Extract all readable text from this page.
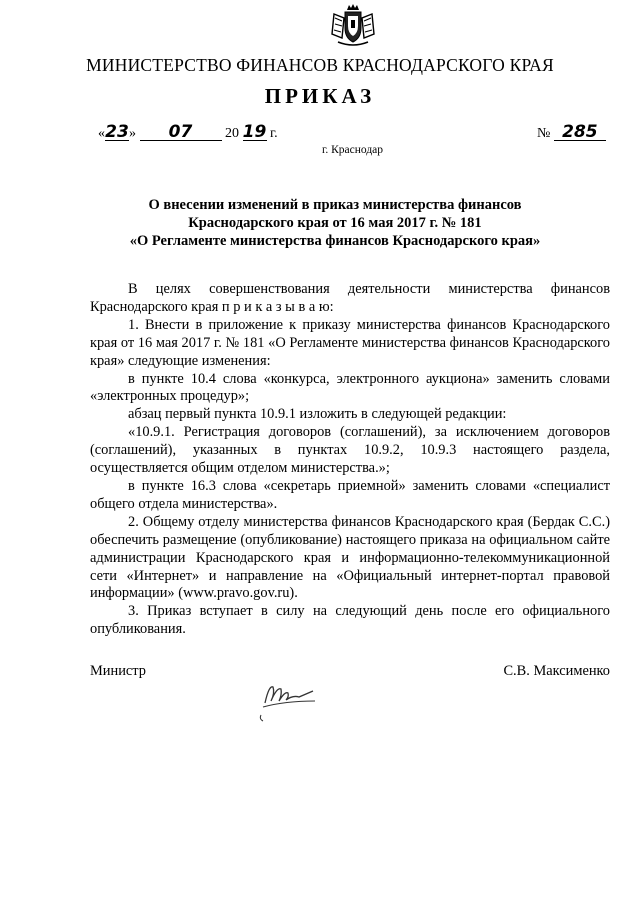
МИНИСТЕРСТВО ФИНАНСОВ КРАСНОДАРСКОГО КРАЯ
ПРИКАЗ
«23» 07 20 19 г.	№ 285
г. Краснодар
О внесении изменений в приказ министерства финансов
Краснодарского края от 16 мая 2017 г. № 181
«О Регламенте министерства финансов Краснодарского края»

В целях совершенствования деятельности министерства финансов Краснодарского края п р и к а з ы в а ю:

1. Внести в приложение к приказу министерства финансов Краснодарского края от 16 мая 2017 г. № 181 «О Регламенте министерства финансов Краснодарского края» следующие изменения:

в пункте 10.4 слова «конкурса, электронного аукциона» заменить словами «электронных процедур»;

абзац первый пункта 10.9.1 изложить в следующей редакции:

«10.9.1. Регистрация договоров (соглашений), за исключением договоров (соглашений), указанных в пунктах 10.9.2, 10.9.3 настоящего раздела, осуществляется общим отделом министерства.»;

в пункте 16.3 слова «секретарь приемной» заменить словами «специалист общего отдела министерства».

2. Общему отделу министерства финансов Краснодарского края (Бердак С.С.) обеспечить размещение (опубликование) настоящего приказа на официальном сайте администрации Краснодарского края и информационно-телекоммуникационной сети «Интернет» и направление на «Официальный интернет-портал правовой информации» (www.pravo.gov.ru).

3. Приказ вступает в силу на следующий день после его официального опубликования.

Министр	С.В. Максименко
